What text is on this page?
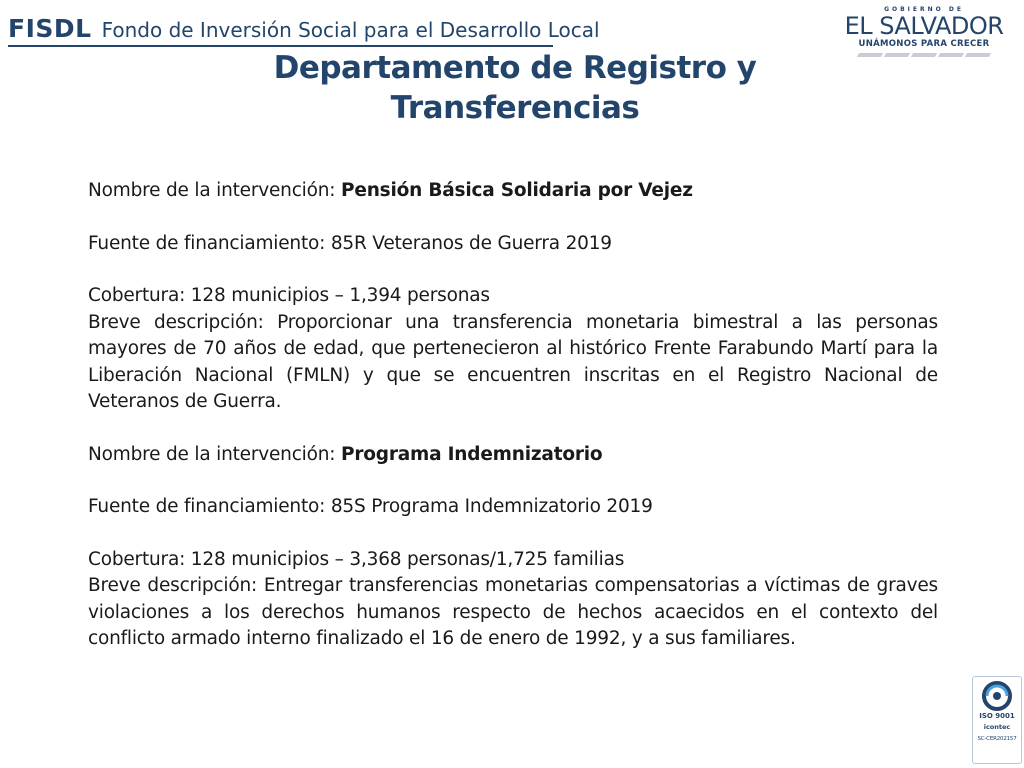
FISDL Fondo de Inversión Social para el Desarrollo Local
GOBIERNO DE
EL SALVADOR
UNÁMONOS PARA CRECER
Departamento de Registro y
Transferencias

Nombre de la intervención: Pensión Básica Solidaria por Vejez

Fuente de financiamiento: 85R Veteranos de Guerra 2019

Cobertura: 128 municipios – 1,394 personas

Breve descripción: Proporcionar una transferencia monetaria bimestral a las personas mayores de 70 años de edad, que pertenecieron al histórico Frente Farabundo Martí para la Liberación Nacional (FMLN) y que se encuentren inscritas en el Registro Nacional de Veteranos de Guerra.

Nombre de la intervención: Programa Indemnizatorio

Fuente de financiamiento: 85S Programa Indemnizatorio 2019

Cobertura: 128 municipios – 3,368 personas/1,725 familias

Breve descripción: Entregar transferencias monetarias compensatorias a víctimas de graves violaciones a los derechos humanos respecto de hechos acaecidos en el contexto del conflicto armado interno finalizado el 16 de enero de 1992, y a sus familiares.

ISO 9001
icontec
SC-CER202157
